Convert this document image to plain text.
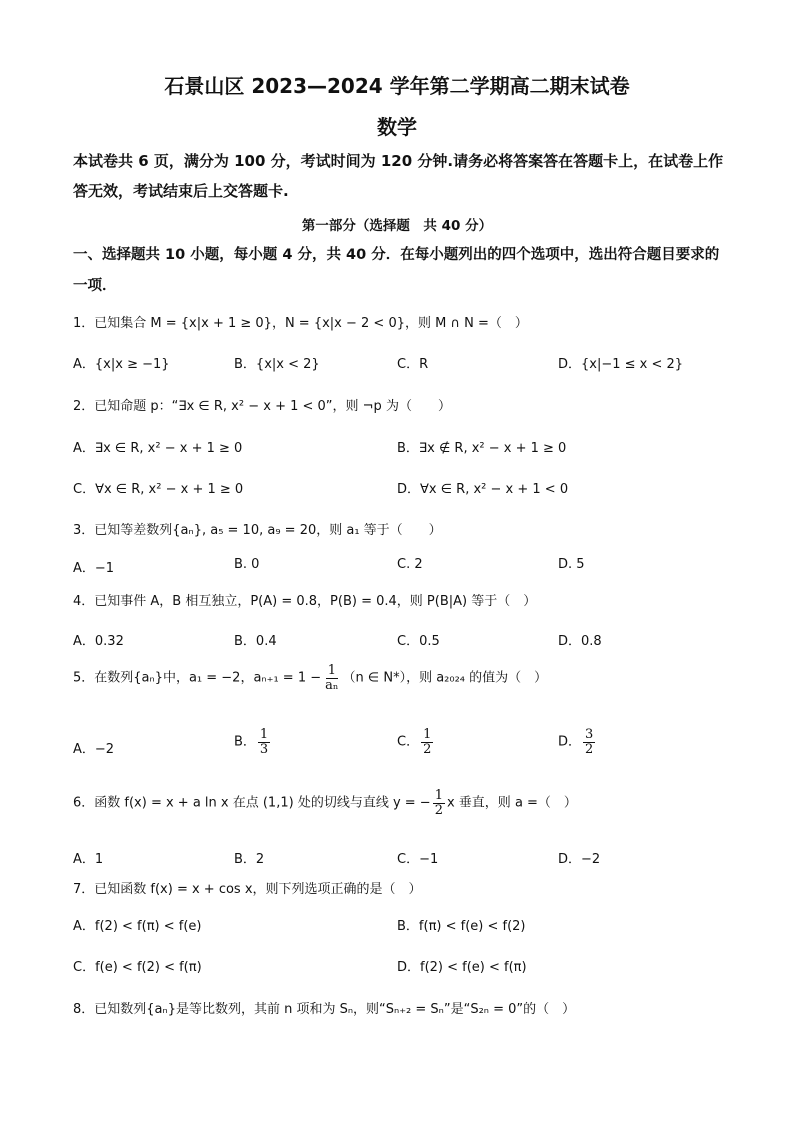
石景山区 2023—2024 学年第二学期高二期末试卷
数学
本试卷共 6 页，满分为 100 分，考试时间为 120 分钟.请务必将答案答在答题卡上，在试卷上作答无效，考试结束后上交答题卡.
第一部分（选择题　共 40 分）
一、选择题共 10 小题，每小题 4 分，共 40 分．在每小题列出的四个选项中，选出符合题目要求的一项．
1．已知集合 M = {x|x + 1 ≥ 0}，N = {x|x − 2 < 0}，则 M ∩ N =（　）
A．{x|x ≥ −1}	B．{x|x < 2}	C．R	D．{x|−1 ≤ x < 2}
2．已知命题 p：“∃x ∈ R, x² − x + 1 < 0”，则 ¬p 为（　　）
A．∃x ∈ R, x² − x + 1 ≥ 0	B．∃x ∉ R, x² − x + 1 ≥ 0
C．∀x ∈ R, x² − x + 1 ≥ 0	D．∀x ∈ R, x² − x + 1 < 0
3．已知等差数列{aₙ}, a₅ = 10, a₉ = 20，则 a₁ 等于（　　）
A．−1	B. 0	C. 2	D. 5
4．已知事件 A，B 相互独立，P(A) = 0.8，P(B) = 0.4，则 P(B|A) 等于（　）
A．0.32	B．0.4	C．0.5	D．0.8
5．在数列{aₙ}中，a₁ = −2，$a_{n+1} = 1 - \frac{1}{\text{aₙ}} (n$ ∈ N*），则 a₂₀₂₄ 的值为（　）
A．−2	B． $\frac{1}{3}$	C． $\frac{1}{2}$	D． $\frac{3}{2}$
6．函数 f(x) = x + a ln x 在点 (1,1) 处的切线与直线 y = − $\frac{1}{2}$ x 垂直，则 a =（　）
A．1	B．2	C．−1	D．−2
7．已知函数 f(x) = x + cos x，则下列选项正确的是（　）
A．f(2) < f(π) < f(e)	B．f(π) < f(e) < f(2)
C．f(e) < f(2) < f(π)	D．f(2) < f(e) < f(π)
8．已知数列{aₙ}是等比数列，其前 n 项和为 Sₙ，则“Sₙ₊₂ = Sₙ”是“S₂ₙ = 0”的（　）
